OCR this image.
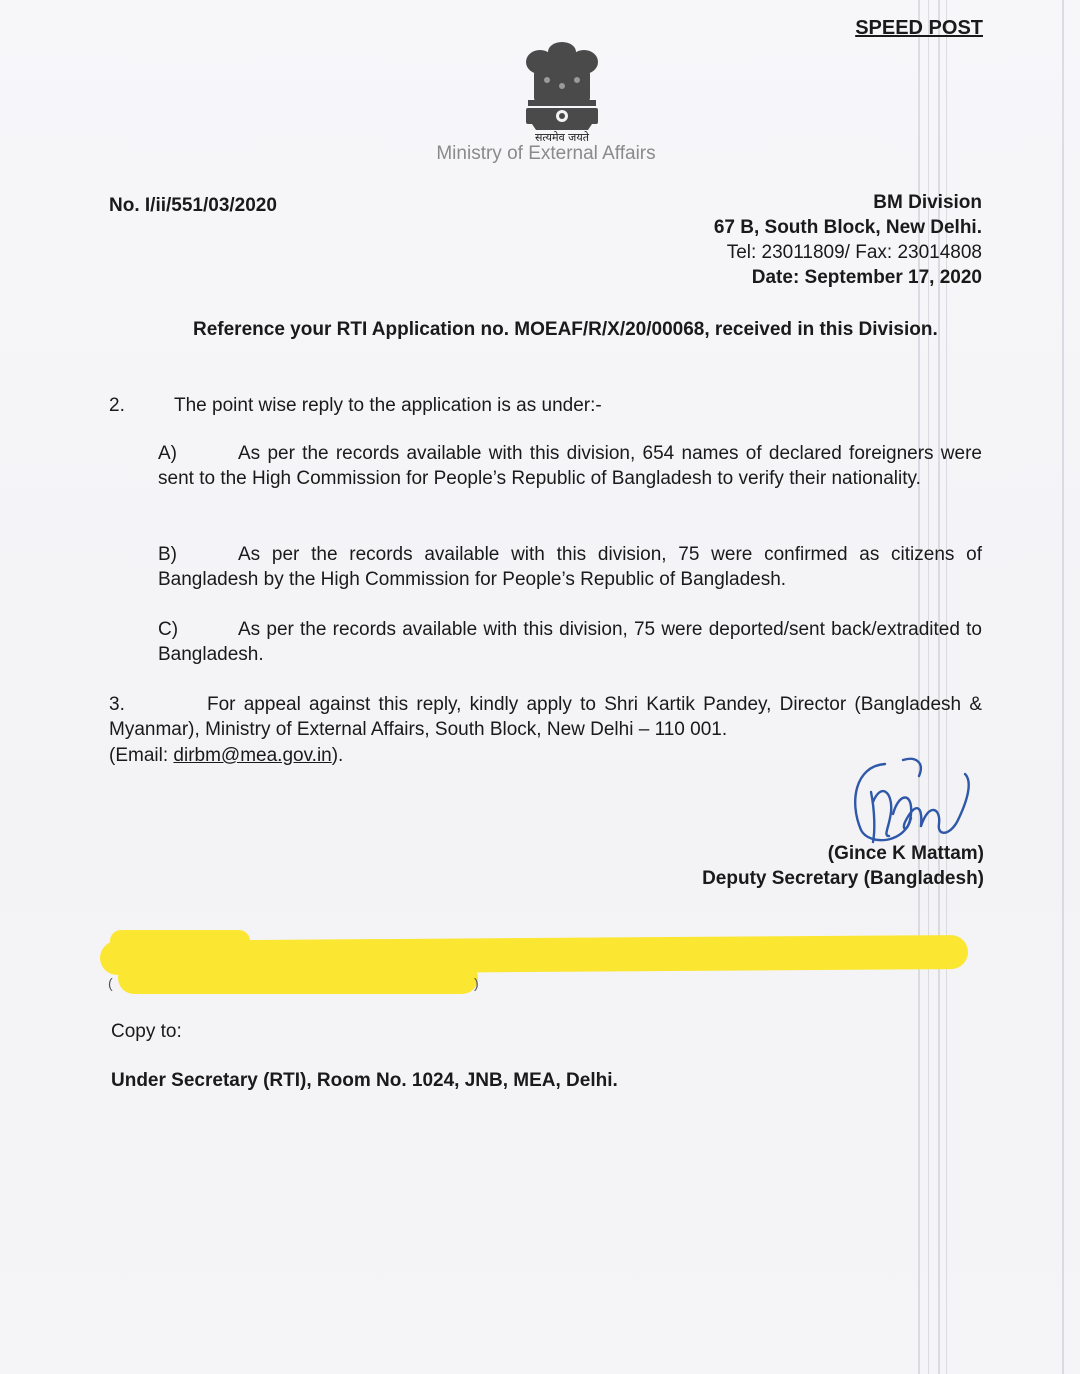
SPEED POST
सत्यमेव जयते
Ministry of External Affairs
No. I/ii/551/03/2020	BM Division
67 B, South Block, New Delhi.
Tel: 23011809/ Fax: 23014808
Date: September 17, 2020
Reference your RTI Application no. MOEAF/R/X/20/00068, received in this Division.
2.	The point wise reply to the application is as under:-
A)	As per the records available with this division, 654 names of declared foreigners were sent to the High Commission for People’s Republic of Bangladesh to verify their nationality.
B)	As per the records available with this division, 75 were confirmed as citizens of Bangladesh by the High Commission for People’s Republic of Bangladesh.
C)	As per the records available with this division, 75 were deported/sent back/extradited to Bangladesh.
3.	For appeal against this reply, kindly apply to Shri Kartik Pandey, Director (Bangladesh & Myanmar), Ministry of External Affairs, South Block, New Delhi – 110 001.
(Email: dirbm@mea.gov.in).
(Gince K Mattam)
Deputy Secretary (Bangladesh)
(	)
Copy to:
Under Secretary (RTI), Room No. 1024, JNB, MEA, Delhi.
